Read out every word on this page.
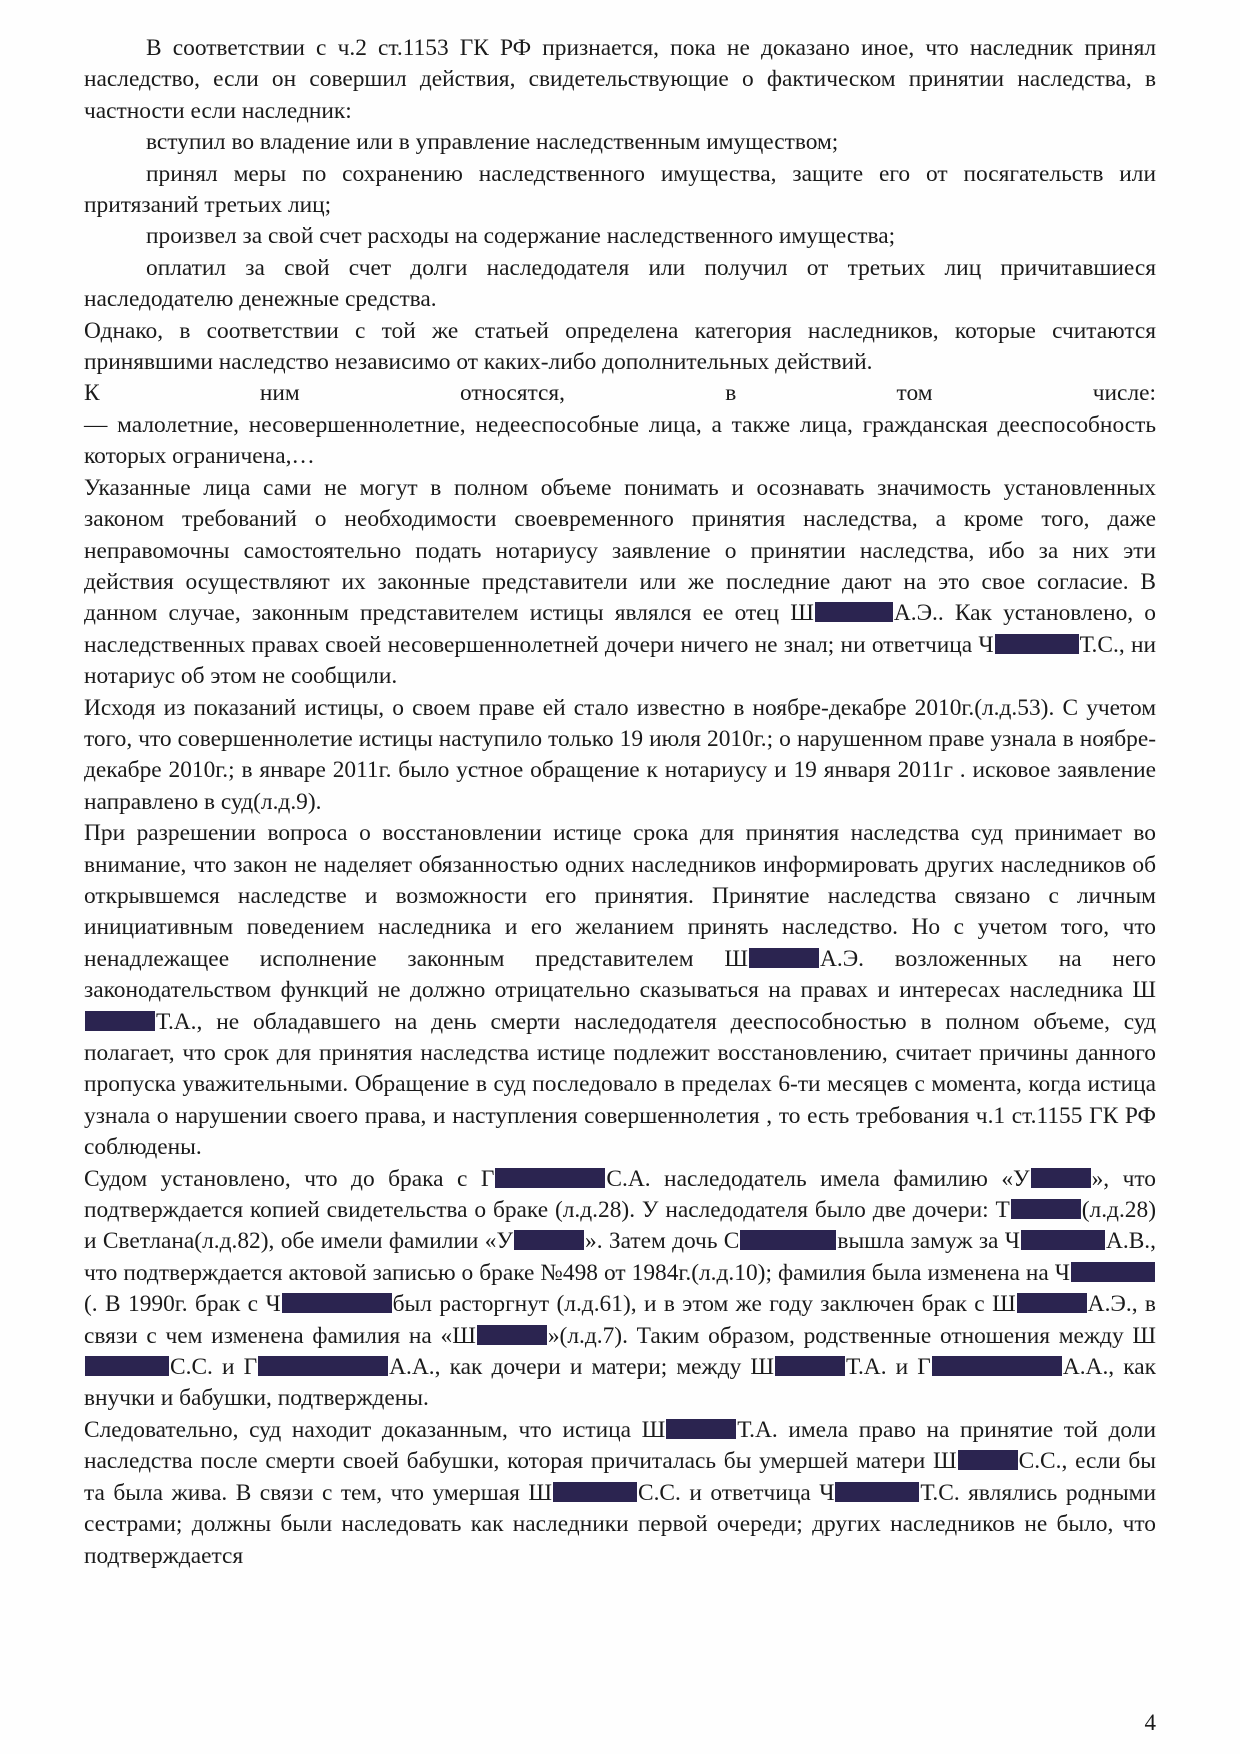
В соответствии с ч.2 ст.1153 ГК РФ признается, пока не доказано иное, что наследник принял наследство, если он совершил действия, свидетельствующие о фактическом принятии наследства, в частности если наследник:

вступил во владение или в управление наследственным имуществом;

принял меры по сохранению наследственного имущества, защите его от посягательств или притязаний третьих лиц;

произвел за свой счет расходы на содержание наследственного имущества;

оплатил за свой счет долги наследодателя или получил от третьих лиц причитавшиеся наследодателю денежные средства.

Однако, в соответствии с той же статьей определена категория наследников, которые считаются принявшими наследство независимо от каких-либо дополнительных действий.

К ним относятся, в том числе:

— малолетние, несовершеннолетние, недееспособные лица, а также лица, гражданская дееспособность которых ограничена,…

Указанные лица сами не могут в полном объеме понимать и осознавать значимость установленных законом требований о необходимости своевременного принятия наследства, а кроме того, даже неправомочны самостоятельно подать нотариусу заявление о принятии наследства, ибо за них эти действия осуществляют их законные представители или же последние дают на это свое согласие. В данном случае, законным представителем истицы являлся ее отец Ш	А.Э.. Как установлено, о наследственных правах своей несовершеннолетней дочери ничего не знал; ни ответчица Ч	Т.С., ни нотариус об этом не сообщили.

Исходя из показаний истицы, о своем праве ей стало известно в ноябре-декабре 2010г.(л.д.53). С учетом того, что совершеннолетие истицы наступило только 19 июля 2010г.; о нарушенном праве узнала в ноябре-декабре 2010г.; в январе 2011г. было устное обращение к нотариусу и 19 января 2011г . исковое заявление направлено в суд(л.д.9).

При разрешении вопроса о восстановлении истице срока для принятия наследства суд принимает во внимание, что закон не наделяет обязанностью одних наследников информировать других наследников об открывшемся наследстве и возможности его принятия. Принятие наследства связано с личным инициативным поведением наследника и его желанием принять наследство. Но с учетом того, что ненадлежащее исполнение законным представителем Ш	А.Э. возложенных на него законодательством функций не должно отрицательно сказываться на правах и интересах наследника ШТ.А., не обладавшего на день смерти наследодателя дееспособностью в полном объеме, суд полагает, что срок для принятия наследства истице подлежит восстановлению, считает причины данного пропуска уважительными. Обращение в суд последовало в пределах 6-ти месяцев с момента, когда истица узнала о нарушении своего права, и наступления совершеннолетия , то есть требования ч.1 ст.1155 ГК РФ соблюдены.

Судом установлено, что до брака с Г	С.А. наследодатель имела фамилию «У	», что подтверждается копией свидетельства о браке (л.д.28). У наследодателя было две дочери: Т	(л.д.28) и Светлана(л.д.82), обе имели фамилии «У	». Затем дочь С	вышла замуж за Ч	А.В., что подтверждается актовой записью о браке №498 от 1984г.(л.д.10); фамилия была изменена на Ч(. В 1990г. брак с Ч	был расторгнут (л.д.61), и в этом же году заключен брак с Ш	А.Э., в связи с чем изменена фамилия на «Ш	»(л.д.7). Таким образом, родственные отношения между ШС.С. и Г	А.А., как дочери и матери; между Ш	Т.А. и Г	А.А., как внучки и бабушки, подтверждены.

Следовательно, суд находит доказанным, что истица Ш	Т.А. имела право на принятие той доли наследства после смерти своей бабушки, которая причиталась бы умершей матери Ш	С.С., если бы та была жива. В связи с тем, что умершая Ш	С.С. и ответчица Ч	Т.С. являлись родными сестрами; должны были наследовать как наследники первой очереди; других наследников не было, что подтверждается

4
